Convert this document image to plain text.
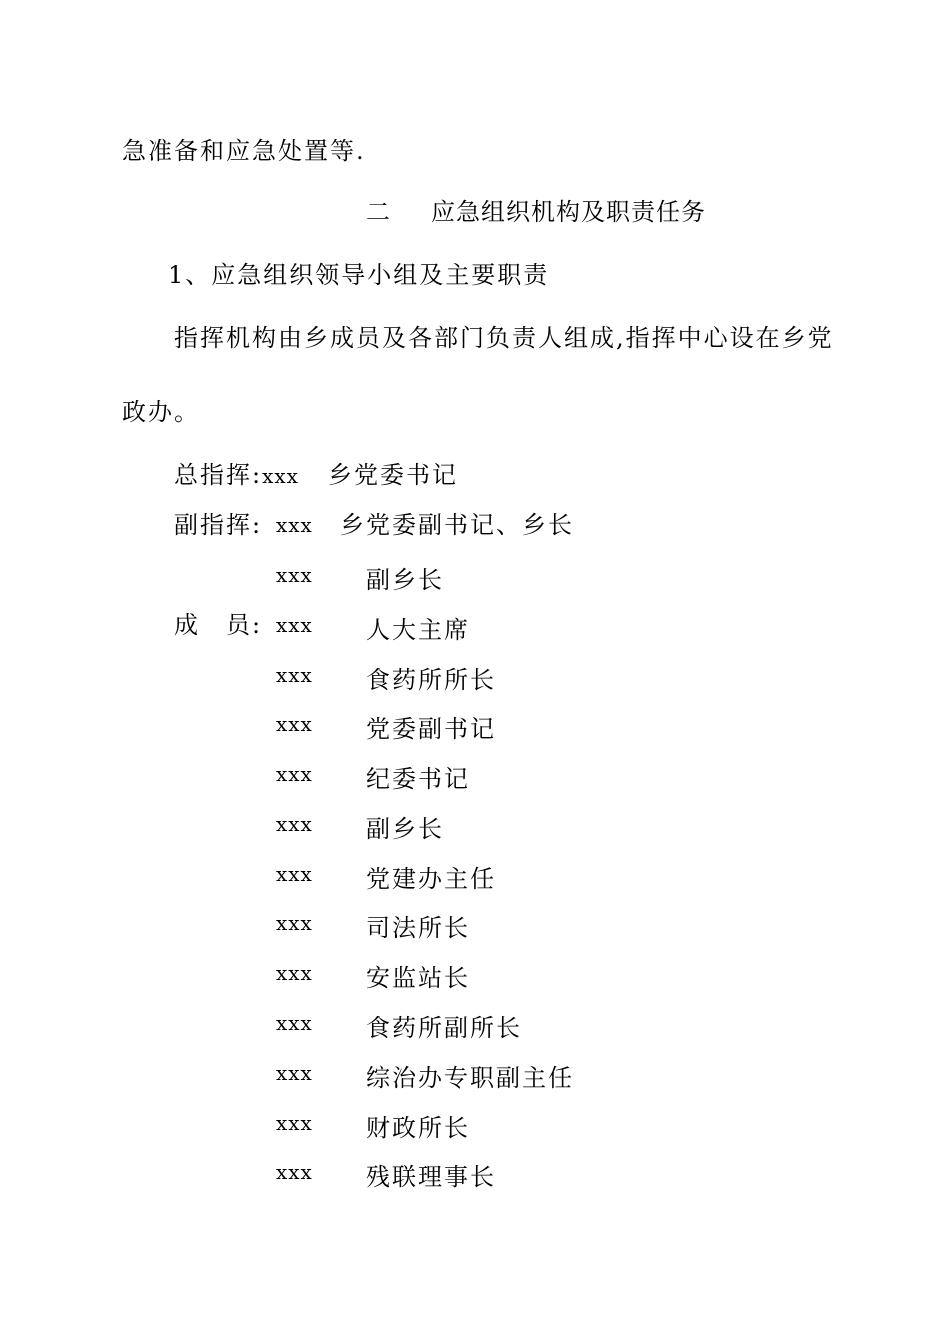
急准备和应急处置等.
二 应急组织机构及职责任务
1、应急组织领导小组及主要职责
指挥机构由乡成员及各部门负责人组成,指挥中心设在乡党
政办。
总指挥:xxx 乡党委书记
副指挥: xxx 乡党委副书记、乡长
xxx 副乡长
成　员: xxx 人大主席
xxx 食药所所长
xxx 党委副书记
xxx 纪委书记
xxx 副乡长
xxx 党建办主任
xxx 司法所长
xxx 安监站长
xxx 食药所副所长
xxx 综治办专职副主任
xxx 财政所长
xxx 残联理事长
